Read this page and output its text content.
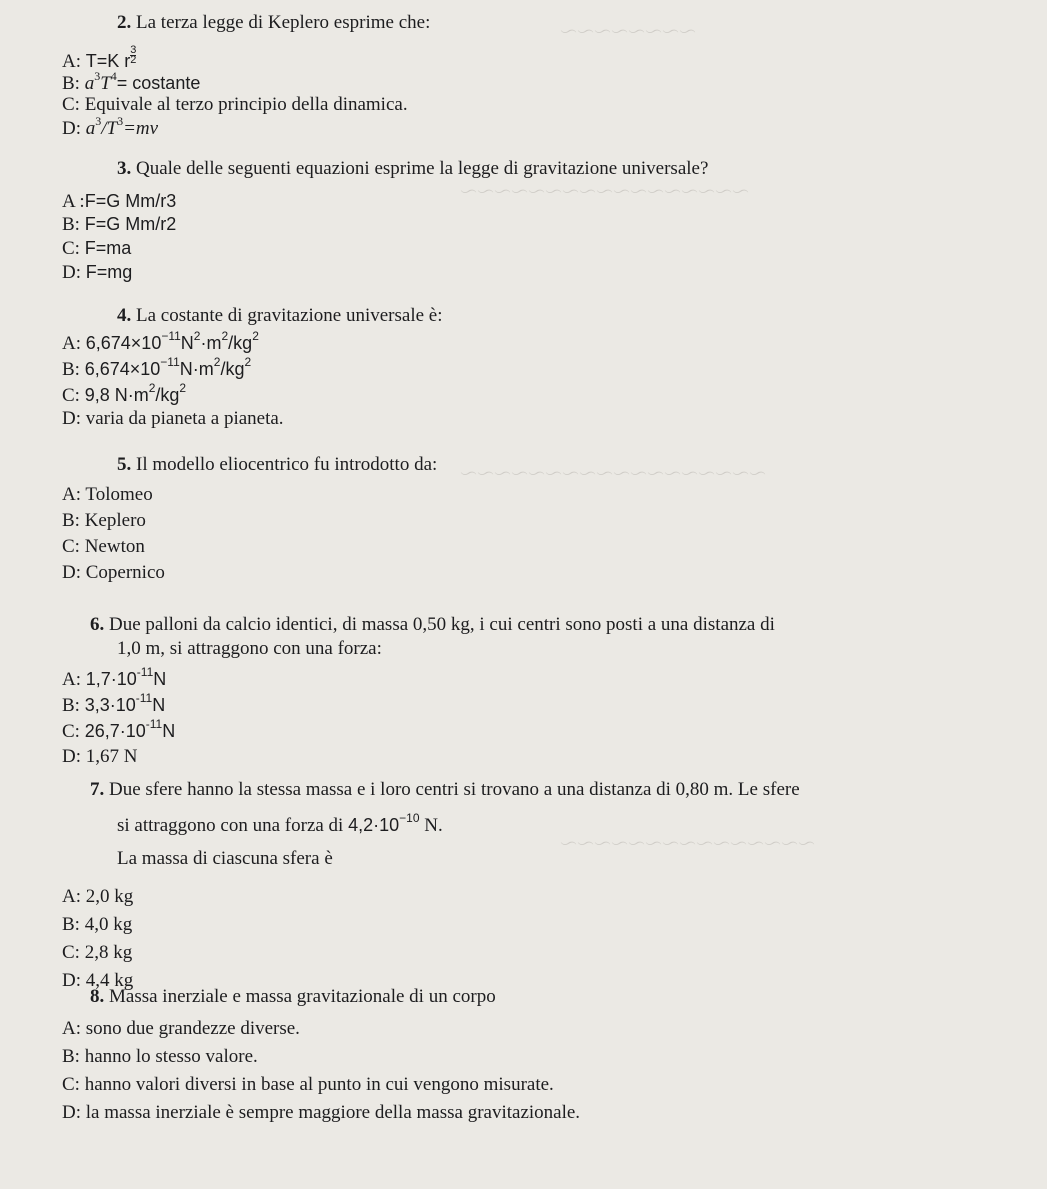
～～～～～～～～
～～～～～～～～～～～～～～～～～
～～～～～～～～～～～～～～～～～～
～～～～～～～～～～～～～～～
2. La terza legge di Keplero esprime che:
A: T=K r $\frac{3}{2}$
B: $a^3T^4=$ costante
C: Equivale al terzo principio della dinamica.
D: $a^3/T^3=mv$
3. Quale delle seguenti equazioni esprime la legge di gravitazione universale?
A :F=G Mm/r3
B: F=G Mm/r2
C: F=ma
D: F=mg
4. La costante di gravitazione universale è:
A: $6,674\times 10^{-11}N^2\cdot m^2/kg^2$
B: $6,674\times 10^{-11}N\cdot m^2/kg^2$
C: 9,8 $N\cdot m^2/kg^2$
D: varia da pianeta a pianeta.
5. Il modello eliocentrico fu introdotto da:
A: Tolomeo
B: Keplero
C: Newton
D: Copernico
6. Due palloni da calcio identici, di massa 0,50 kg, i cui centri sono posti a una distanza di
1,0 m, si attraggono con una forza:
A: $1,7\cdot 10^{-11}N$
B: $3,3\cdot 10^{-11}N$
C: $26,7\cdot 10^{-11}N$
D: 1,67 N
7. Due sfere hanno la stessa massa e i loro centri si trovano a una distanza di 0,80 m. Le sfere
si attraggono con una forza di $4,2\cdot 10^{-10}$ N.
La massa di ciascuna sfera è
A: 2,0 kg
B: 4,0 kg
C: 2,8 kg
D: 4,4 kg
8. Massa inerziale e massa gravitazionale di un corpo
A: sono due grandezze diverse.
B: hanno lo stesso valore.
C: hanno valori diversi in base al punto in cui vengono misurate.
D: la massa inerziale è sempre maggiore della massa gravitazionale.
